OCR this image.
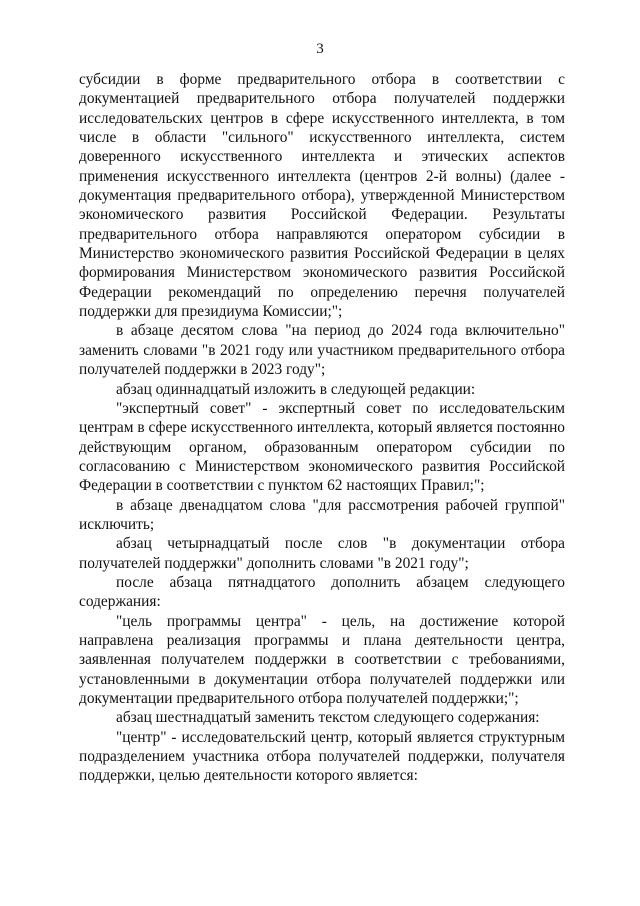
3

субсидии в форме предварительного отбора в соответствии с документацией предварительного отбора получателей поддержки исследовательских центров в сфере искусственного интеллекта, в том числе в области "сильного" искусственного интеллекта, систем доверенного искусственного интеллекта и этических аспектов применения искусственного интеллекта (центров 2-й волны) (далее - документация предварительного отбора), утвержденной Министерством экономического развития Российской Федерации. Результаты предварительного отбора направляются оператором субсидии в Министерство экономического развития Российской Федерации в целях формирования Министерством экономического развития Российской Федерации рекомендаций по определению перечня получателей поддержки для президиума Комиссии;";

в абзаце десятом слова "на период до 2024 года включительно" заменить словами "в 2021 году или участником предварительного отбора получателей поддержки в 2023 году";

абзац одиннадцатый изложить в следующей редакции:

"экспертный совет" - экспертный совет по исследовательским центрам в сфере искусственного интеллекта, который является постоянно действующим органом, образованным оператором субсидии по согласованию с Министерством экономического развития Российской Федерации в соответствии с пунктом 62 настоящих Правил;";

в абзаце двенадцатом слова "для рассмотрения рабочей группой" исключить;

абзац четырнадцатый после слов "в документации отбора получателей поддержки" дополнить словами "в 2021 году";

после абзаца пятнадцатого дополнить абзацем следующего содержания:

"цель программы центра" - цель, на достижение которой направлена реализация программы и плана деятельности центра, заявленная получателем поддержки в соответствии с требованиями, установленными в документации отбора получателей поддержки или документации предварительного отбора получателей поддержки;";

абзац шестнадцатый заменить текстом следующего содержания:

"центр" - исследовательский центр, который является структурным подразделением участника отбора получателей поддержки, получателя поддержки, целью деятельности которого является:
